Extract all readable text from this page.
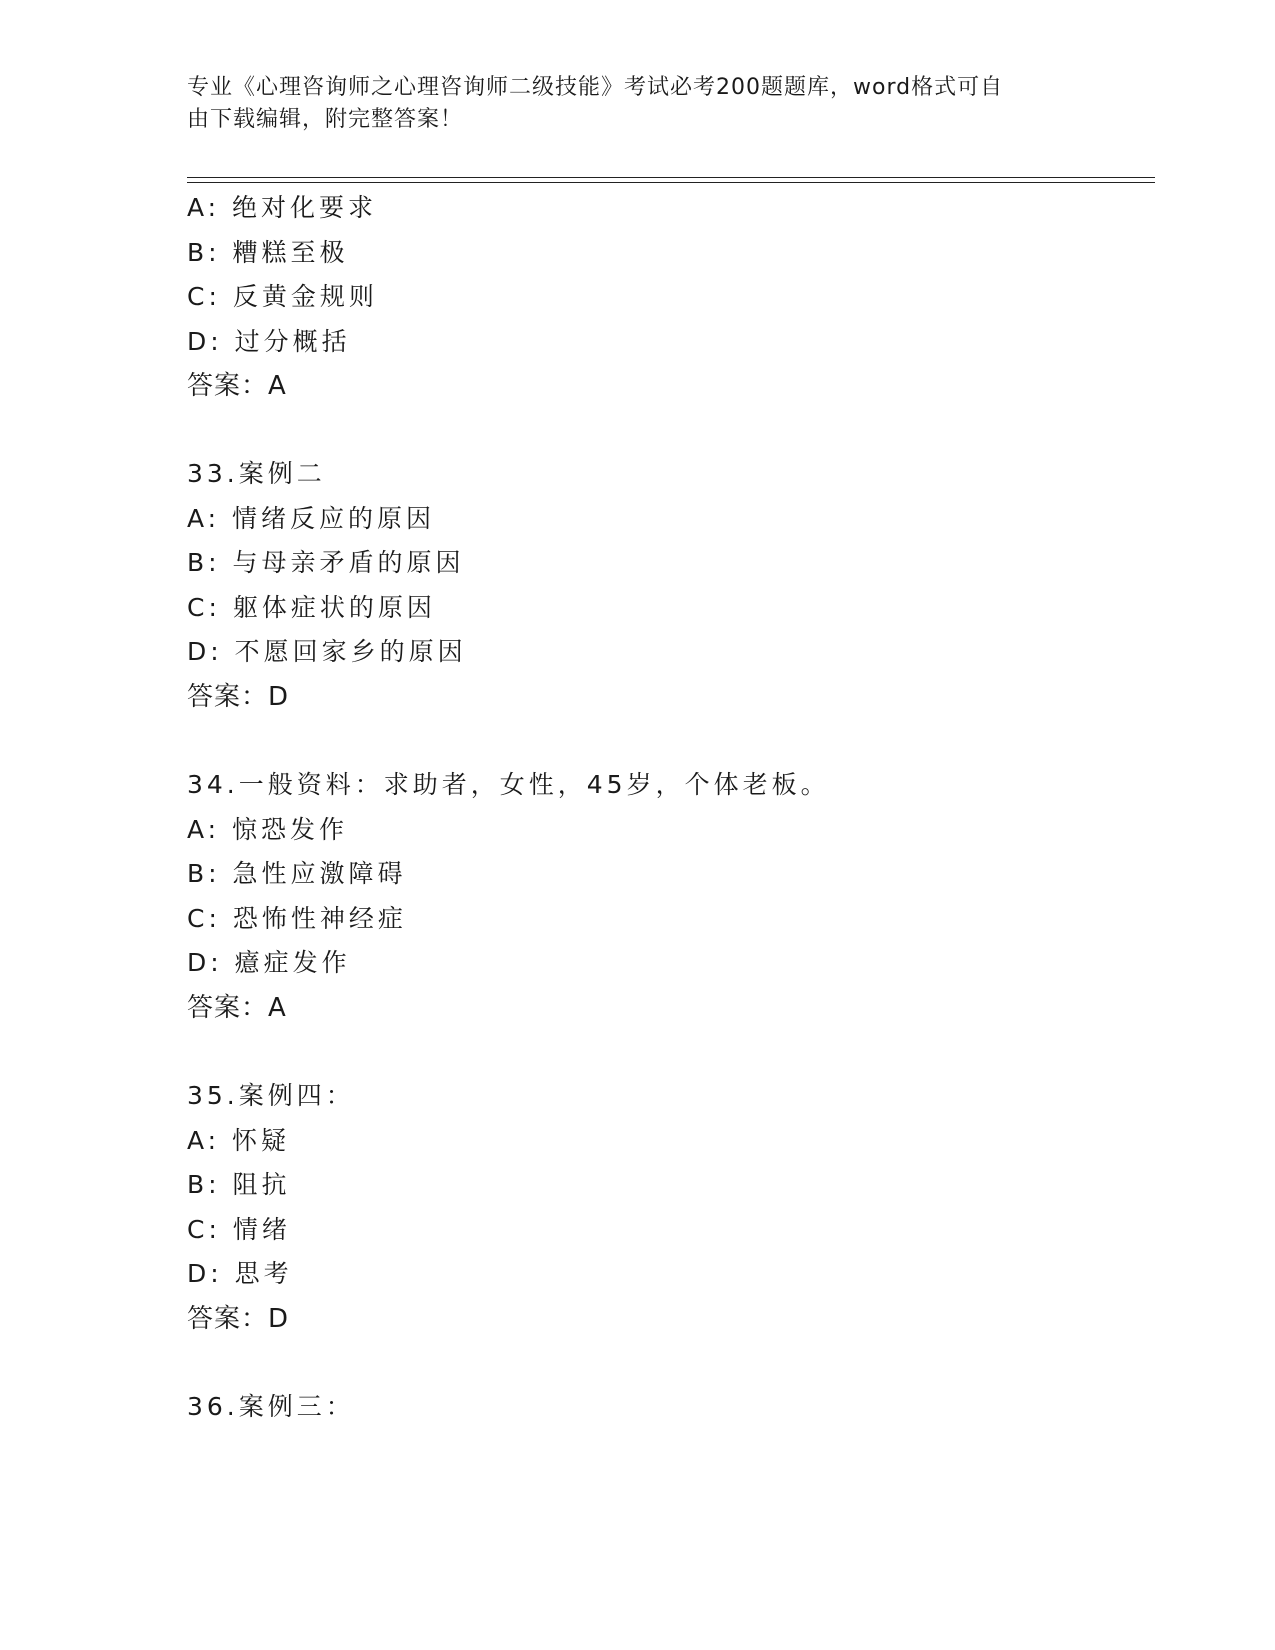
专业《心理咨询师之心理咨询师二级技能》考试必考200题题库，word格式可自
由下载编辑，附完整答案！
A: 绝对化要求
B: 糟糕至极
C: 反黄金规则
D: 过分概括
答案：A
33.案例二
A: 情绪反应的原因
B: 与母亲矛盾的原因
C: 躯体症状的原因
D: 不愿回家乡的原因
答案：D
34.一般资料：求助者，女性，45岁，个体老板。
A: 惊恐发作
B: 急性应激障碍
C: 恐怖性神经症
D: 癔症发作
答案：A
35.案例四：
A: 怀疑
B: 阻抗
C: 情绪
D: 思考
答案：D
36.案例三：
